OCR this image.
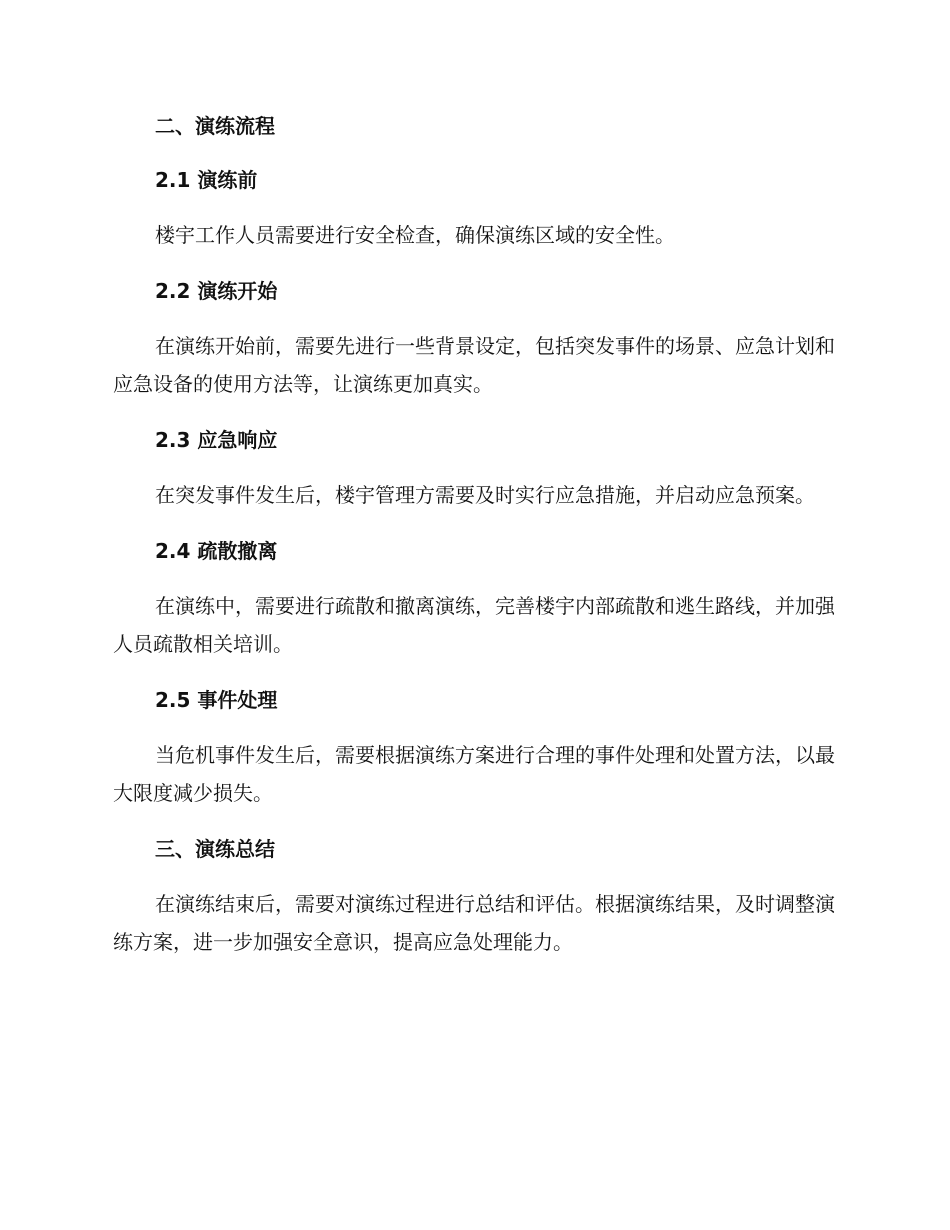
二、演练流程

2.1 演练前

楼宇工作人员需要进行安全检查，确保演练区域的安全性。

2.2 演练开始

在演练开始前，需要先进行一些背景设定，包括突发事件的场景、应急计划和应急设备的使用方法等，让演练更加真实。

2.3 应急响应

在突发事件发生后，楼宇管理方需要及时实行应急措施，并启动应急预案。

2.4 疏散撤离

在演练中，需要进行疏散和撤离演练，完善楼宇内部疏散和逃生路线，并加强人员疏散相关培训。

2.5 事件处理

当危机事件发生后，需要根据演练方案进行合理的事件处理和处置方法，以最大限度减少损失。

三、演练总结

在演练结束后，需要对演练过程进行总结和评估。根据演练结果，及时调整演练方案，进一步加强安全意识，提高应急处理能力。
